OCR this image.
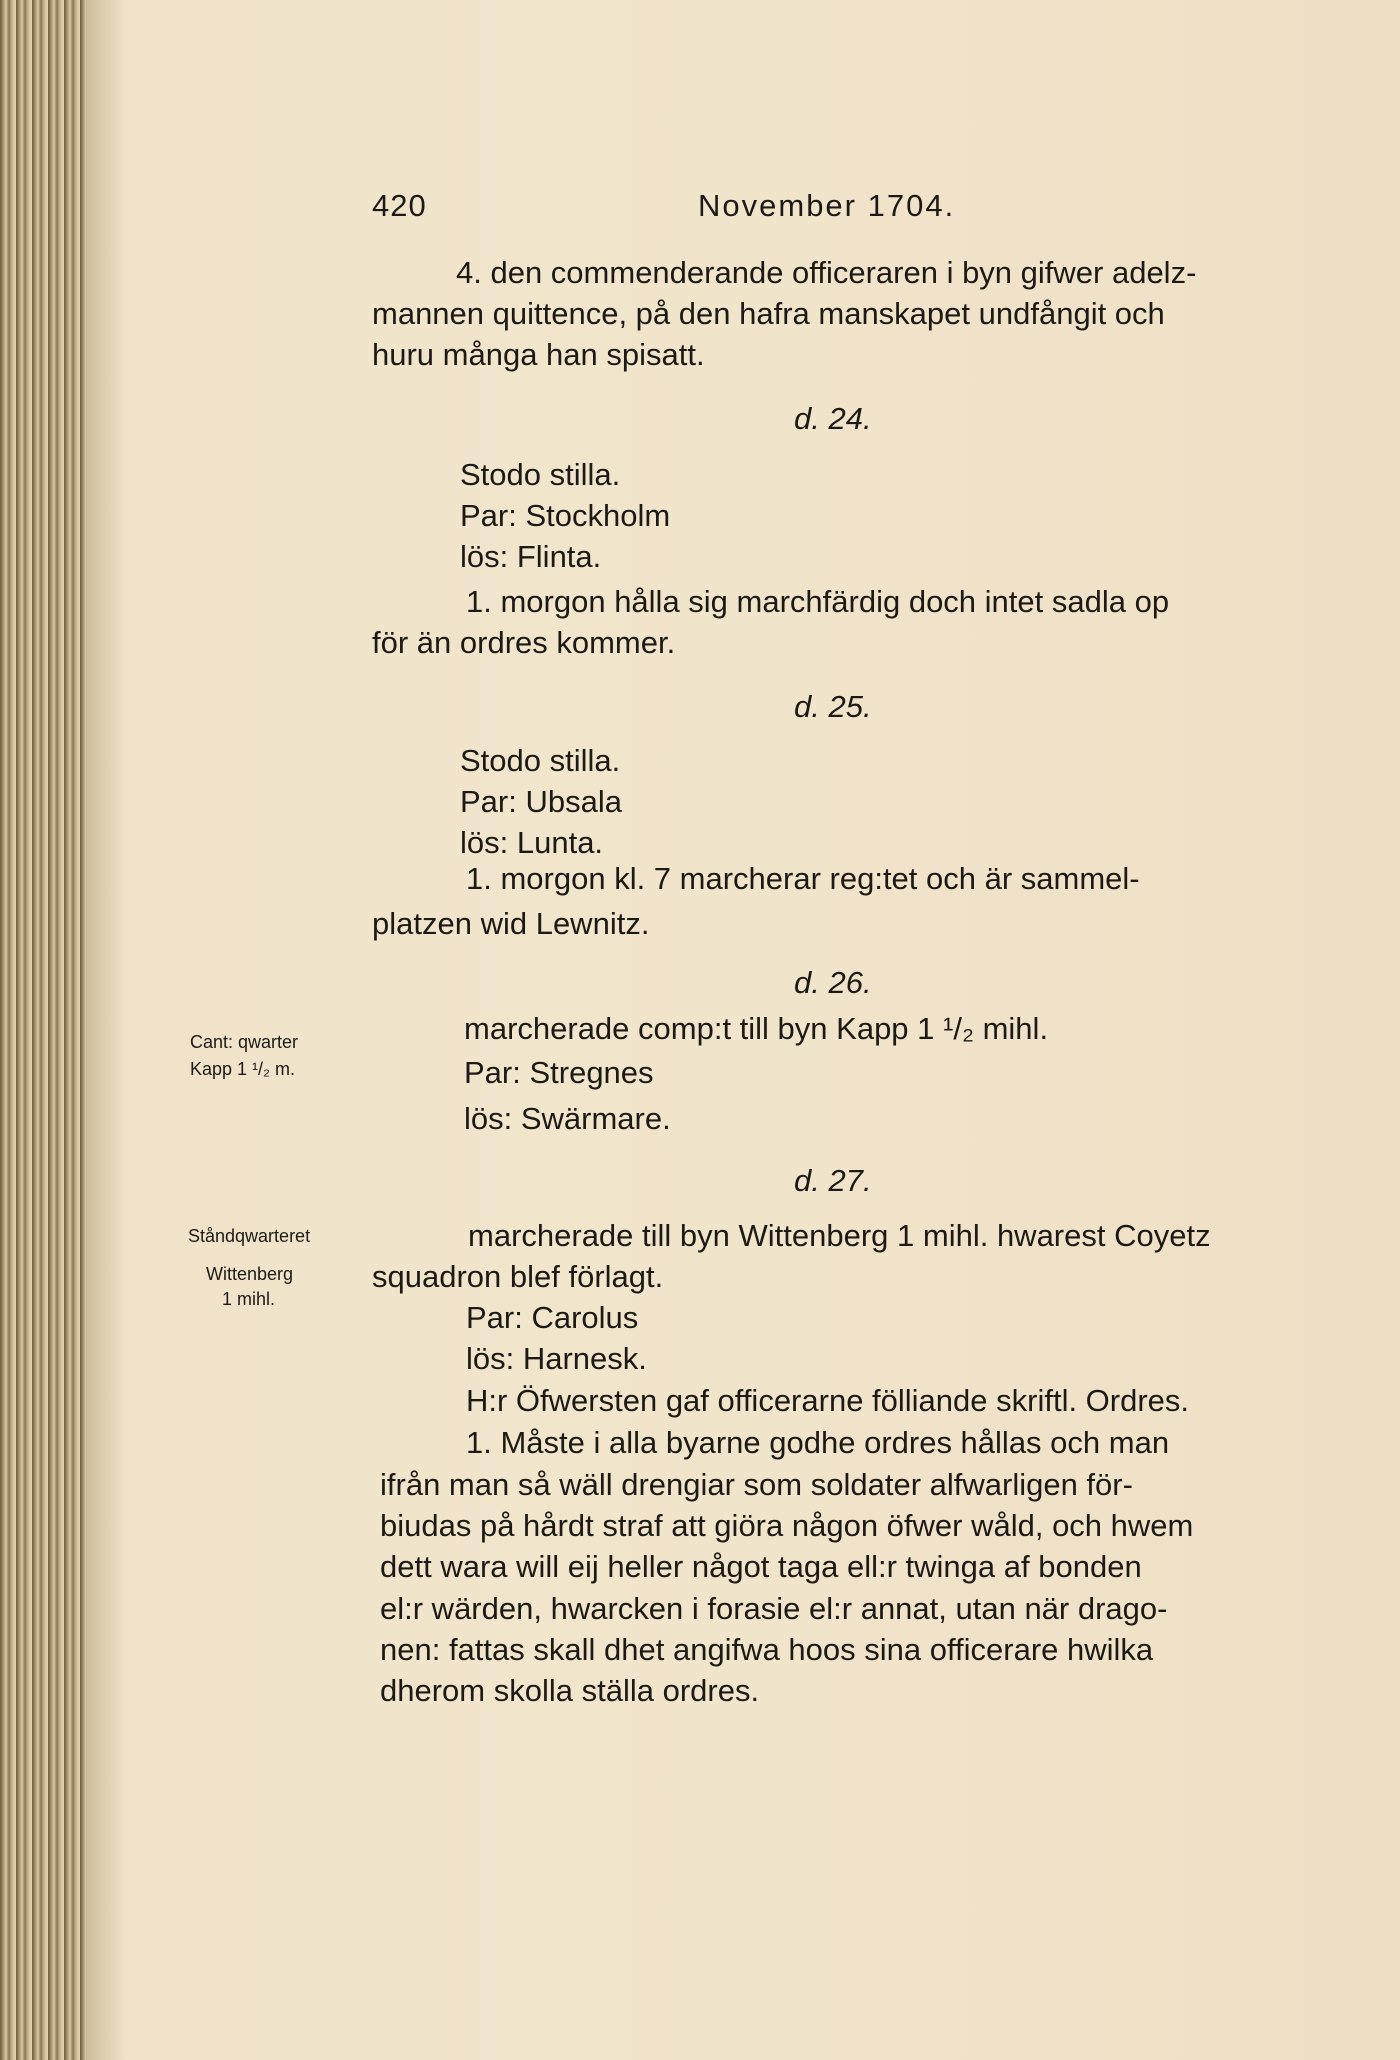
420	November 1704.
4. den commenderande officeraren i byn gifwer adelz-
mannen quittence, på den hafra manskapet undfångit och
huru många han spisatt.
d. 24.
Stodo stilla.
Par: Stockholm
lös: Flinta.
1. morgon hålla sig marchfärdig doch intet sadla op
för än ordres kommer.
d. 25.
Stodo stilla.
Par: Ubsala
lös: Lunta.
1. morgon kl. 7 marcherar reg:tet och är sammel-
platzen wid Lewnitz.
d. 26.
marcherade comp:t till byn Kapp 1 ¹/₂ mihl.
Par: Stregnes
lös: Swärmare.
Cant: qwarter
Kapp 1 ¹/₂ m.
d. 27.
marcherade till byn Wittenberg 1 mihl. hwarest Coyetz
squadron blef förlagt.
Par: Carolus
lös: Harnesk.
H:r Öfwersten gaf officerarne fölliande skriftl. Ordres.
1. Måste i alla byarne godhe ordres hållas och man
ifrån man så wäll drengiar som soldater alfwarligen för-
biudas på hårdt straf att giöra någon öfwer wåld, och hwem
dett wara will eij heller något taga ell:r twinga af bonden
el:r wärden, hwarcken i forasie el:r annat, utan när drago-
nen: fattas skall dhet angifwa hoos sina officerare hwilka
dherom skolla ställa ordres.
Ståndqwarteret
Wittenberg
1 mihl.
